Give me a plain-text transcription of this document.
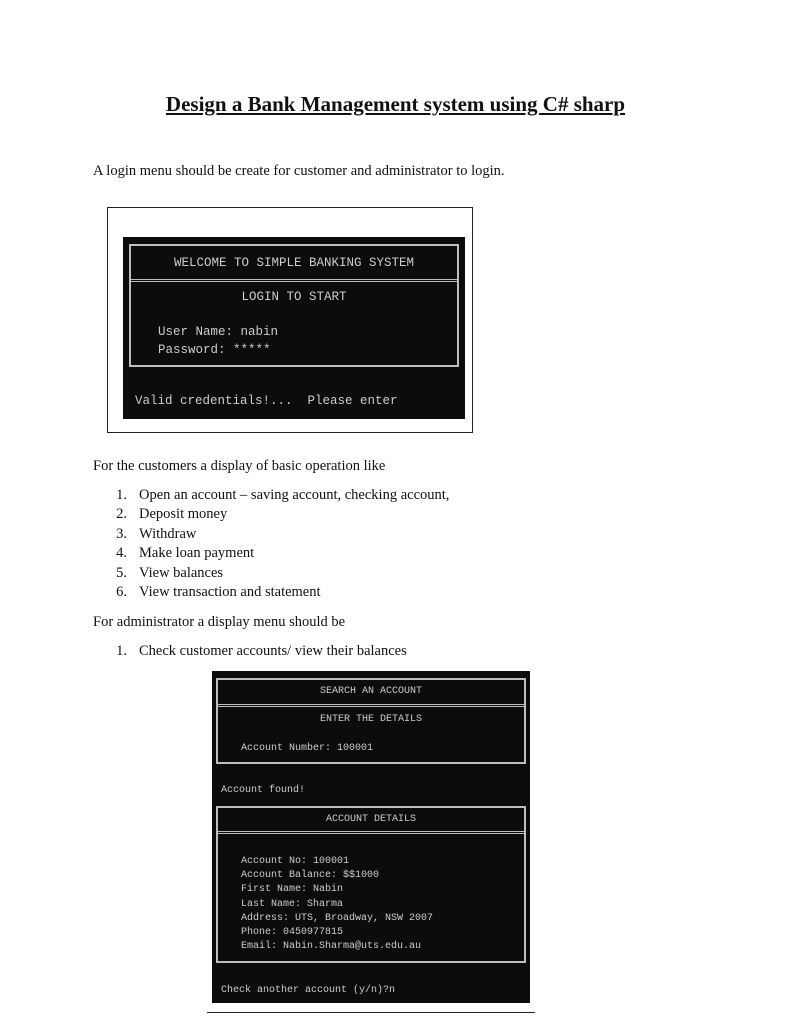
Design a Bank Management system using C# sharp
A login menu should be create for customer and administrator to login.

WELCOME TO SIMPLE BANKING SYSTEM

LOGIN TO START

User Name: nabin

Password: *****

Valid credentials!...  Please enter

For the customers a display of basic operation like
1. Open an account – saving account, checking account,
2. Deposit money
3. Withdraw
4. Make loan payment
5. View balances
6. View transaction and statement
For administrator a display menu should be
1. Check customer accounts/ view their balances

SEARCH AN ACCOUNT

ENTER THE DETAILS

Account Number: 100001

Account found!

ACCOUNT DETAILS

Account No: 100001

Account Balance: $$1000

First Name: Nabin

Last Name: Sharma

Address: UTS, Broadway, NSW 2007

Phone: 0450977815

Email: Nabin.Sharma@uts.edu.au

Check another account (y/n)?n
